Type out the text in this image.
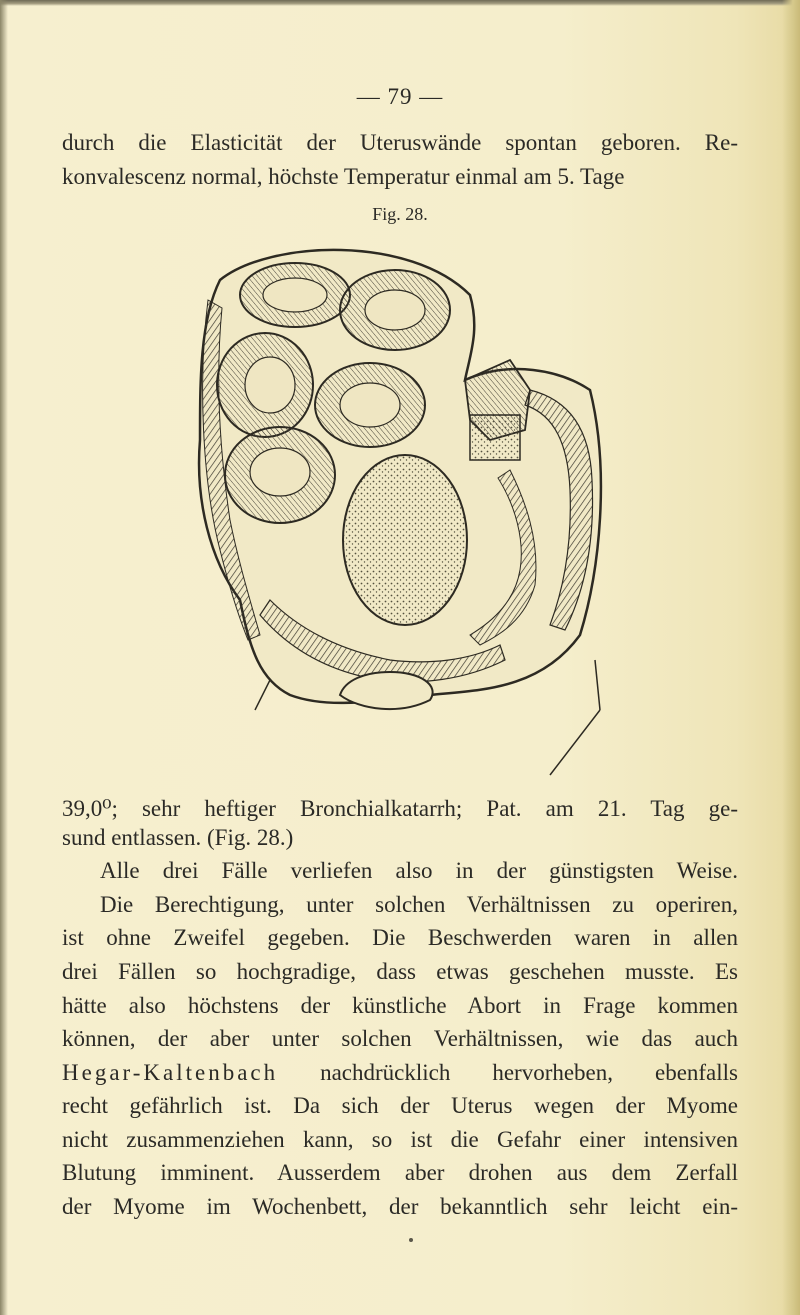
— 79 —
durch die Elasticität der Uteruswände spontan geboren. Re-
konvalescenz normal, höchste Temperatur einmal am 5. Tage
Fig. 28.
39,0⁰; sehr heftiger Bronchialkatarrh; Pat. am 21. Tag ge-
sund entlassen. (Fig. 28.)
Alle drei Fälle verliefen also in der günstigsten Weise.
Die Berechtigung, unter solchen Verhältnissen zu operiren,
ist ohne Zweifel gegeben. Die Beschwerden waren in allen
drei Fällen so hochgradige, dass etwas geschehen musste. Es
hätte also höchstens der künstliche Abort in Frage kommen
können, der aber unter solchen Verhältnissen, wie das auch
Hegar-Kaltenbach nachdrücklich hervorheben, ebenfalls
recht gefährlich ist. Da sich der Uterus wegen der Myome
nicht zusammenziehen kann, so ist die Gefahr einer intensiven
Blutung imminent. Ausserdem aber drohen aus dem Zerfall
der Myome im Wochenbett, der bekanntlich sehr leicht ein-
